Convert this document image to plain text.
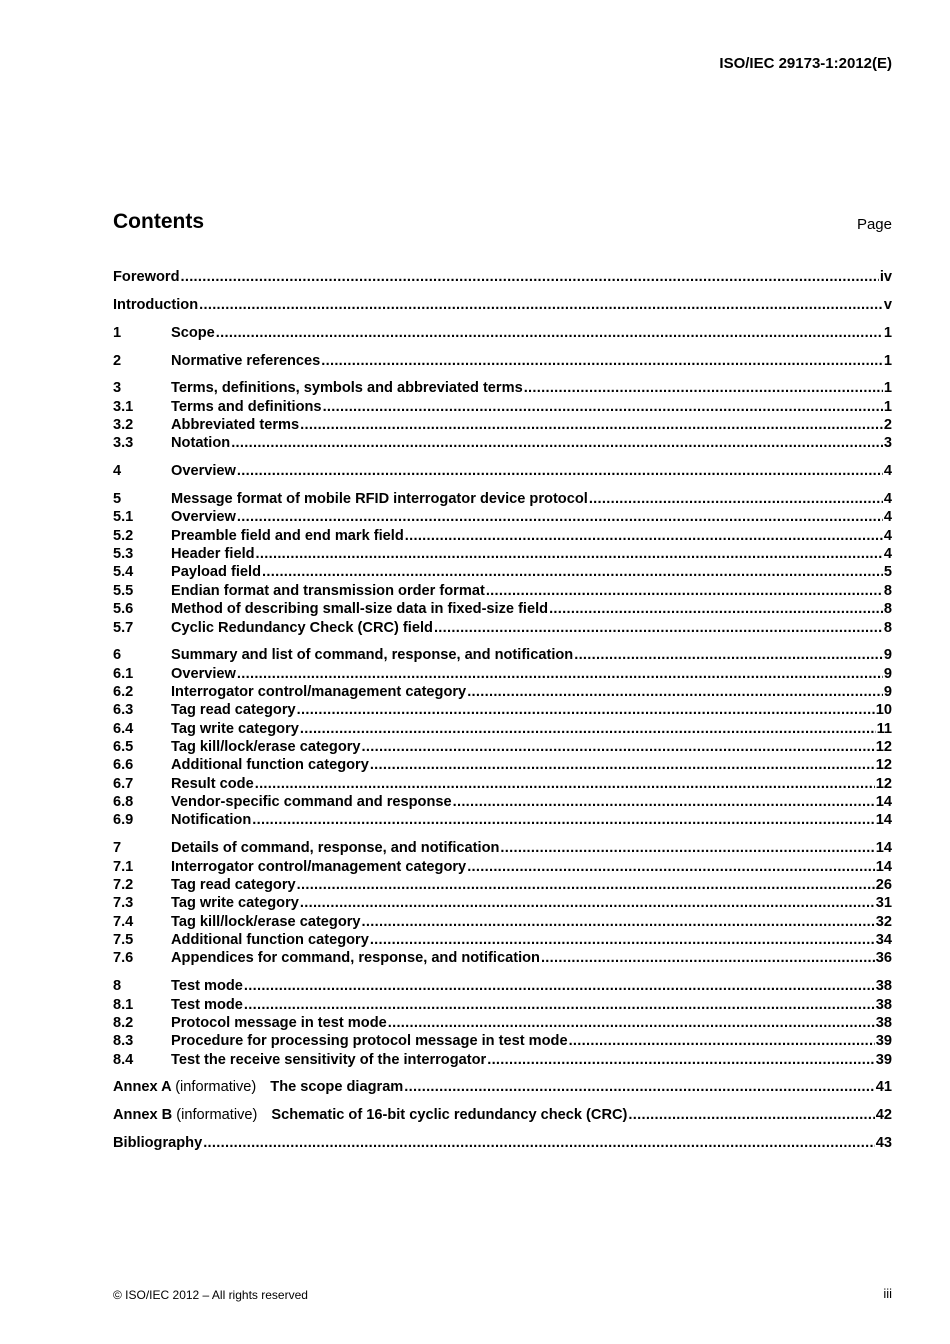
ISO/IEC 29173-1:2012(E)
Contents	Page
Foreword .....	iv
Introduction .....	v
1	Scope .....	1
2	Normative references .....	1
3	Terms, definitions, symbols and abbreviated terms .....	1
3.1	Terms and definitions .....	1
3.2	Abbreviated terms .....	2
3.3	Notation .....	3
4	Overview .....	4
5	Message format of mobile RFID interrogator device protocol .....	4
5.1	Overview .....	4
5.2	Preamble field and end mark field .....	4
5.3	Header field .....	4
5.4	Payload field .....	5
5.5	Endian format and transmission order format .....	8
5.6	Method of describing small-size data in fixed-size field .....	8
5.7	Cyclic Redundancy Check (CRC) field .....	8
6	Summary and list of command, response, and notification .....	9
6.1	Overview .....	9
6.2	Interrogator control/management category .....	9
6.3	Tag read category .....	10
6.4	Tag write category .....	11
6.5	Tag kill/lock/erase category .....	12
6.6	Additional function category .....	12
6.7	Result code .....	12
6.8	Vendor-specific command and response .....	14
6.9	Notification .....	14
7	Details of command, response, and notification .....	14
7.1	Interrogator control/management category .....	14
7.2	Tag read category .....	26
7.3	Tag write category .....	31
7.4	Tag kill/lock/erase category .....	32
7.5	Additional function category .....	34
7.6	Appendices for command, response, and notification .....	36
8	Test mode .....	38
8.1	Test mode .....	38
8.2	Protocol message in test mode .....	38
8.3	Procedure for processing protocol message in test mode .....	39
8.4	Test the receive sensitivity of the interrogator .....	39
Annex A (informative) The scope diagram .....	41
Annex B (informative) Schematic of 16-bit cyclic redundancy check (CRC) .....	42
Bibliography .....	43
© ISO/IEC 2012 – All rights reserved	iii
